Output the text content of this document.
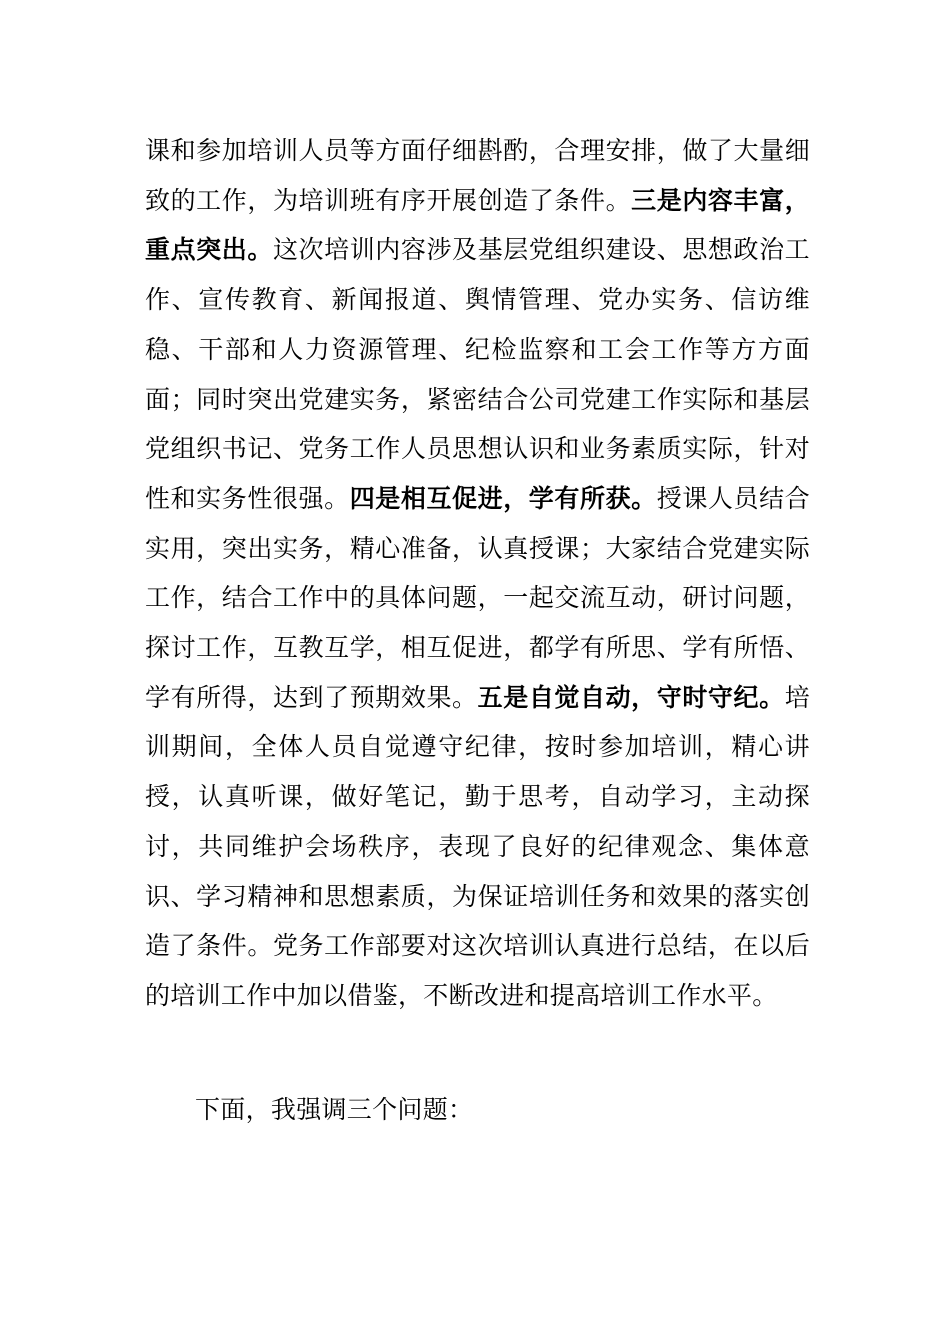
课和参加培训人员等方面仔细斟酌，合理安排，做了大量细致的工作，为培训班有序开展创造了条件。三是内容丰富，重点突出。这次培训内容涉及基层党组织建设、思想政治工作、宣传教育、新闻报道、舆情管理、党办实务、信访维稳、干部和人力资源管理、纪检监察和工会工作等方方面面；同时突出党建实务，紧密结合公司党建工作实际和基层党组织书记、党务工作人员思想认识和业务素质实际，针对性和实务性很强。四是相互促进，学有所获。授课人员结合实用，突出实务，精心准备，认真授课；大家结合党建实际工作，结合工作中的具体问题，一起交流互动，研讨问题，探讨工作，互教互学，相互促进，都学有所思、学有所悟、学有所得，达到了预期效果。五是自觉自动，守时守纪。培训期间，全体人员自觉遵守纪律，按时参加培训，精心讲授，认真听课，做好笔记，勤于思考，自动学习，主动探讨，共同维护会场秩序，表现了良好的纪律观念、集体意识、学习精神和思想素质，为保证培训任务和效果的落实创造了条件。党务工作部要对这次培训认真进行总结，在以后的培训工作中加以借鉴，不断改进和提高培训工作水平。
下面，我强调三个问题：
